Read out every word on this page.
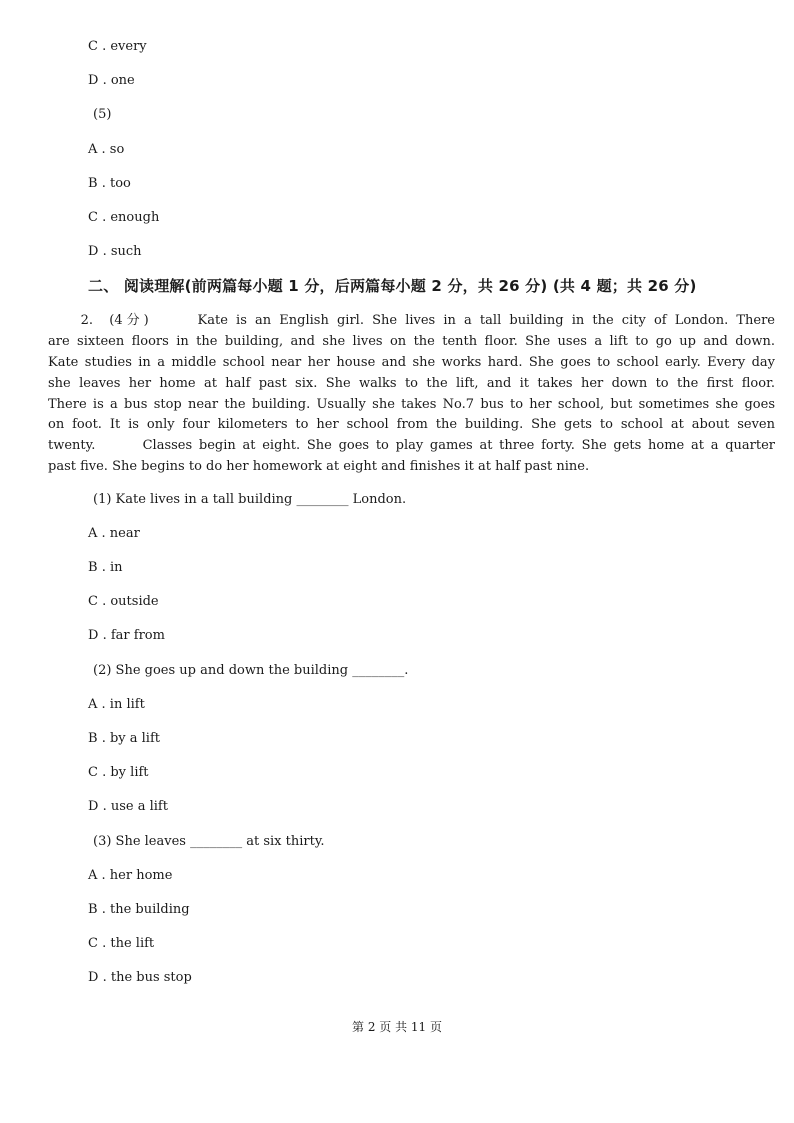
C . every
D . one
(5)
A . so
B . too
C . enough
D . such
二、 阅读理解(前两篇每小题 1 分，后两篇每小题 2 分，共 26 分) (共 4 题；共 26 分)
2.  (4分)      Kate is an English girl. She lives in a tall building in the city of London. There
are sixteen floors in the building, and she lives on the tenth floor. She uses a lift to go up and down.
Kate studies in a middle school near her house and she works hard. She goes to school early. Every day
she leaves her home at half past six. She walks to the lift, and it takes her down to the first floor.
There is a bus stop near the building. Usually she takes No.7 bus to her school, but sometimes she goes
on foot. It is only four kilometers to her school from the building. She gets to school at about seven
twenty.       Classes begin at eight. She goes to play games at three forty. She gets home at a quarter
past five. She begins to do her homework at eight and finishes it at half past nine.
(1) Kate lives in a tall building ________ London.
A . near
B . in
C . outside
D . far from
(2) She goes up and down the building ________.
A . in lift
B . by a lift
C . by lift
D . use a lift
(3) She leaves ________ at six thirty.
A . her home
B . the building
C . the lift
D . the bus stop
第 2 页 共 11 页
